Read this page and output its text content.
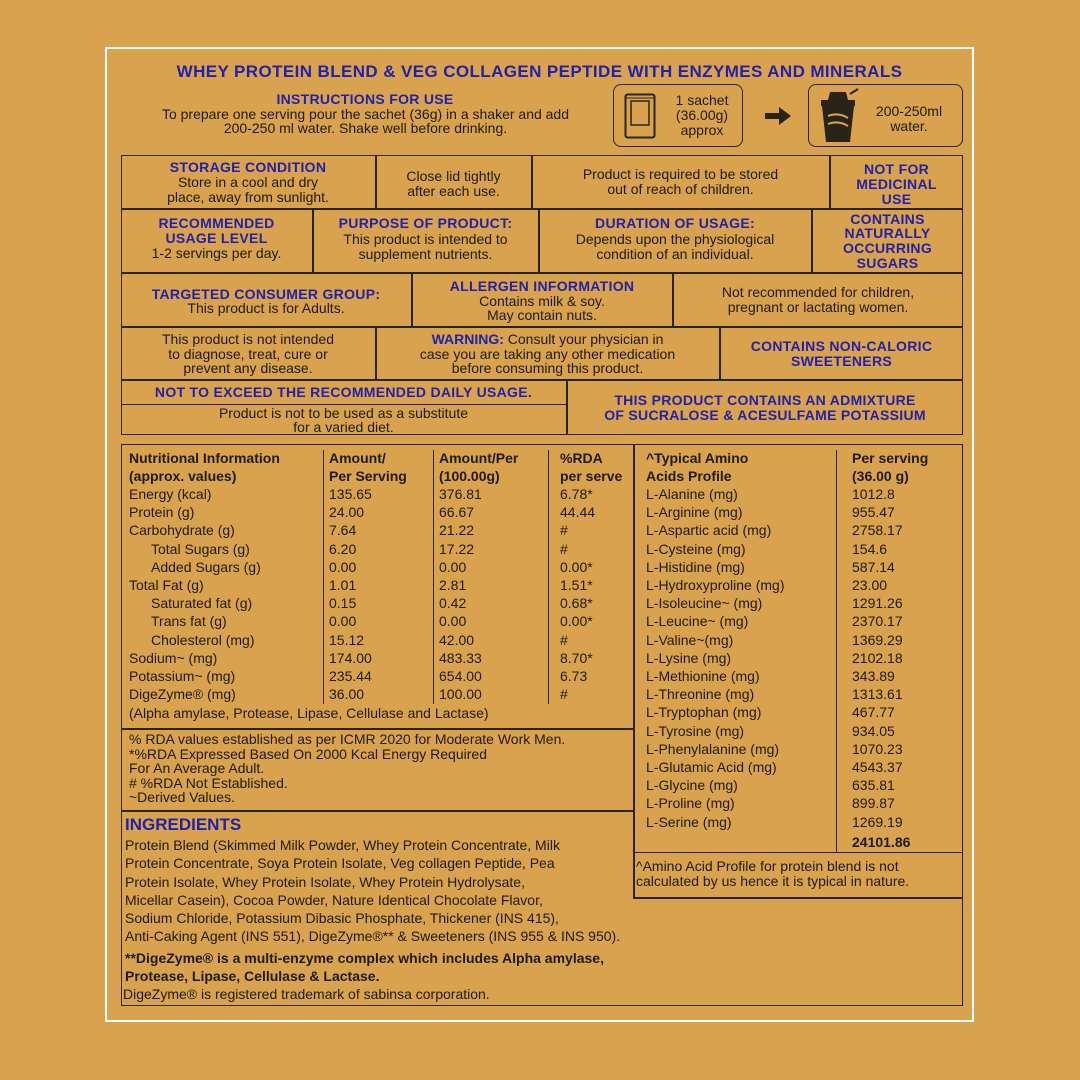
WHEY PROTEIN BLEND & VEG COLLAGEN PEPTIDE WITH ENZYMES AND MINERALS
INSTRUCTIONS FOR USE
To prepare one serving pour the sachet (36g) in a shaker and add
200-250 ml water. Shake well before drinking.
1 sachet
(36.00g)
approx
200-250ml
water.
STORAGE CONDITION
Store in a cool and dry
place, away from sunlight.
Close lid tightly
after each use.
Product is required to be stored
out of reach of children.
NOT FOR
MEDICINAL
USE
RECOMMENDED
USAGE LEVEL
1-2 servings per day.
PURPOSE OF PRODUCT:
This product is intended to
supplement nutrients.
DURATION OF USAGE:
Depends upon the physiological
condition of an individual.
CONTAINS
NATURALLY
OCCURRING
SUGARS
TARGETED CONSUMER GROUP:
This product is for Adults.
ALLERGEN INFORMATION
Contains milk & soy.
May contain nuts.
Not recommended for children,
pregnant or lactating women.
This product is not intended
to diagnose, treat, cure or
prevent any disease.
WARNING: Consult your physician in
case you are taking any other medication
before consuming this product.
CONTAINS NON-CALORIC
SWEETENERS
NOT TO EXCEED THE RECOMMENDED DAILY USAGE.
Product is not to be used as a substitute
for a varied diet.
THIS PRODUCT CONTAINS AN ADMIXTURE
OF SUCRALOSE & ACESULFAME POTASSIUM
Nutritional Information
(approx. values)
Amount/
Per Serving
Amount/Per
(100.00g)
%RDA
per serve
Energy (kcal)
Protein (g)
Carbohydrate (g)
Total Sugars (g)
Added Sugars (g)
Total Fat (g)
Saturated fat (g)
Trans fat (g)
Cholesterol (mg)
Sodium~ (mg)
Potassium~ (mg)
DigeZyme® (mg)
135.65
24.00
7.64
6.20
0.00
1.01
0.15
0.00
15.12
174.00
235.44
36.00
376.81
66.67
21.22
17.22
0.00
2.81
0.42
0.00
42.00
483.33
654.00
100.00
6.78*
44.44
#
#
0.00*
1.51*
0.68*
0.00*
#
8.70*
6.73
#
(Alpha amylase, Protease, Lipase, Cellulase and Lactase)
% RDA values established as per ICMR 2020 for Moderate Work Men.
*%RDA Expressed Based On 2000 Kcal Energy Required
For An Average Adult.
# %RDA Not Established.
~Derived Values.
^Typical Amino
Acids Profile
Per serving
(36.00 g)
L-Alanine (mg)
L-Arginine (mg)
L-Aspartic acid (mg)
L-Cysteine (mg)
L-Histidine (mg)
L-Hydroxyproline (mg)
L-Isoleucine~ (mg)
L-Leucine~ (mg)
L-Valine~(mg)
L-Lysine (mg)
L-Methionine (mg)
L-Threonine (mg)
L-Tryptophan (mg)
L-Tyrosine (mg)
L-Phenylalanine (mg)
L-Glutamic Acid (mg)
L-Glycine (mg)
L-Proline (mg)
L-Serine (mg)
1012.8
955.47
2758.17
154.6
587.14
23.00
1291.26
2370.17
1369.29
2102.18
343.89
1313.61
467.77
934.05
1070.23
4543.37
635.81
899.87
1269.19
24101.86
^Amino Acid Profile for protein blend is not
calculated by us hence it is typical in nature.
INGREDIENTS
Protein Blend (Skimmed Milk Powder, Whey Protein Concentrate, Milk
Protein Concentrate, Soya Protein Isolate, Veg collagen Peptide, Pea
Protein Isolate, Whey Protein Isolate, Whey Protein Hydrolysate,
Micellar Casein), Cocoa Powder, Nature Identical Chocolate Flavor,
Sodium Chloride, Potassium Dibasic Phosphate, Thickener (INS 415),
Anti-Caking Agent (INS 551), DigeZyme®** & Sweeteners (INS 955 & INS 950).
**DigeZyme® is a multi-enzyme complex which includes Alpha amylase,
Protease, Lipase, Cellulase & Lactase.
DigeZyme® is registered trademark of sabinsa corporation.
